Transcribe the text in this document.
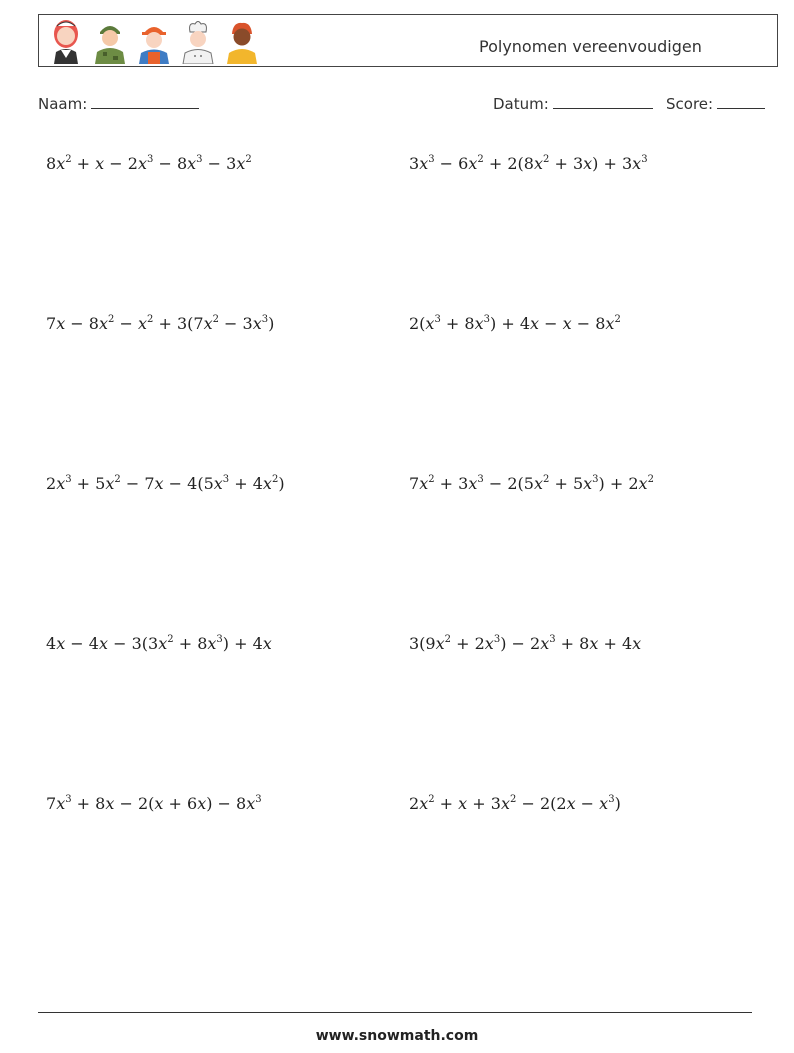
Polynomen vereenvoudigen
Naam:	Datum:	Score:
$8x^2 + x - 2x^3 - 8x^3 - 3x^2$	$3x^3 - 6x^2 + 2(8x^2 + 3x) + 3x^3$
$7x - 8x^2 - x^2 + 3(7x^2 - 3x^3)$	$2(x^3 + 8x^3) + 4x - x - 8x^2$
$2x^3 + 5x^2 - 7x - 4(5x^3 + 4x^2)$	$7x^2 + 3x^3 - 2(5x^2 + 5x^3) + 2x^2$
$4x - 4x - 3(3x^2 + 8x^3) + 4x$	$3(9x^2 + 2x^3) - 2x^3 + 8x + 4x$
$7x^3 + 8x - 2(x + 6x) - 8x^3$	$2x^2 + x + 3x^2 - 2(2x - x^3)$
www.snowmath.com
